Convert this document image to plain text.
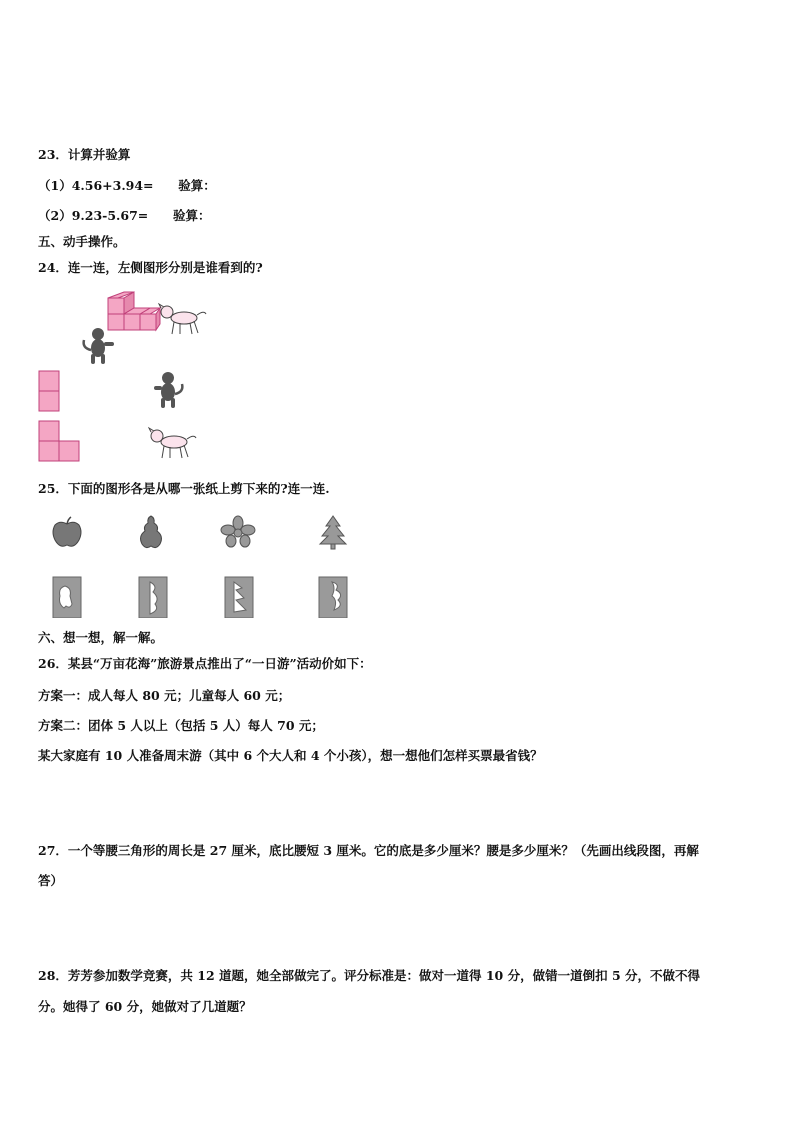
23．计算并验算
（1）4.56+3.94= 验算：
（2）9.23-5.67= 验算：
五、动手操作。
24．连一连，左侧图形分别是谁看到的?
25．下面的图形各是从哪一张纸上剪下来的?连一连.
六、想一想，解一解。
26．某县“万亩花海”旅游景点推出了“一日游”活动价如下：
方案一：成人每人 80 元；儿童每人 60 元；
方案二：团体 5 人以上（包括 5 人）每人 70 元；
某大家庭有 10 人准备周末游（其中 6 个大人和 4 个小孩），想一想他们怎样买票最省钱？
27．一个等腰三角形的周长是 27 厘米，底比腰短 3 厘米。它的底是多少厘米？腰是多少厘米？（先画出线段图，再解
答）
28．芳芳参加数学竞赛，共 12 道题，她全部做完了。评分标准是：做对一道得 10 分，做错一道倒扣 5 分，不做不得
分。她得了 60 分，她做对了几道题？
